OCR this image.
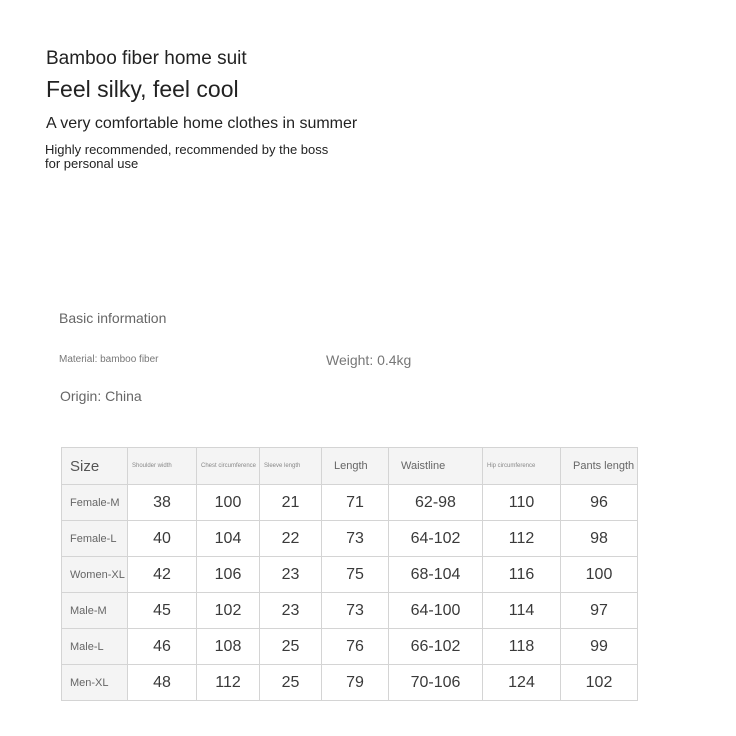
Bamboo fiber home suit
Feel silky, feel cool
A very comfortable home clothes in summer
Highly recommended, recommended by the boss for personal use
Basic information
Material: bamboo fiber	Weight: 0.4kg
Origin: China
Size	Shoulder width	Chest circumference	Sleeve length	Length	Waistline	Hip circumference	Pants length
Female-M	38	100	21	71	62-98	110	96
Female-L	40	104	22	73	64-102	112	98
Women-XL	42	106	23	75	68-104	116	100
Male-M	45	102	23	73	64-100	114	97
Male-L	46	108	25	76	66-102	118	99
Men-XL	48	112	25	79	70-106	124	102
